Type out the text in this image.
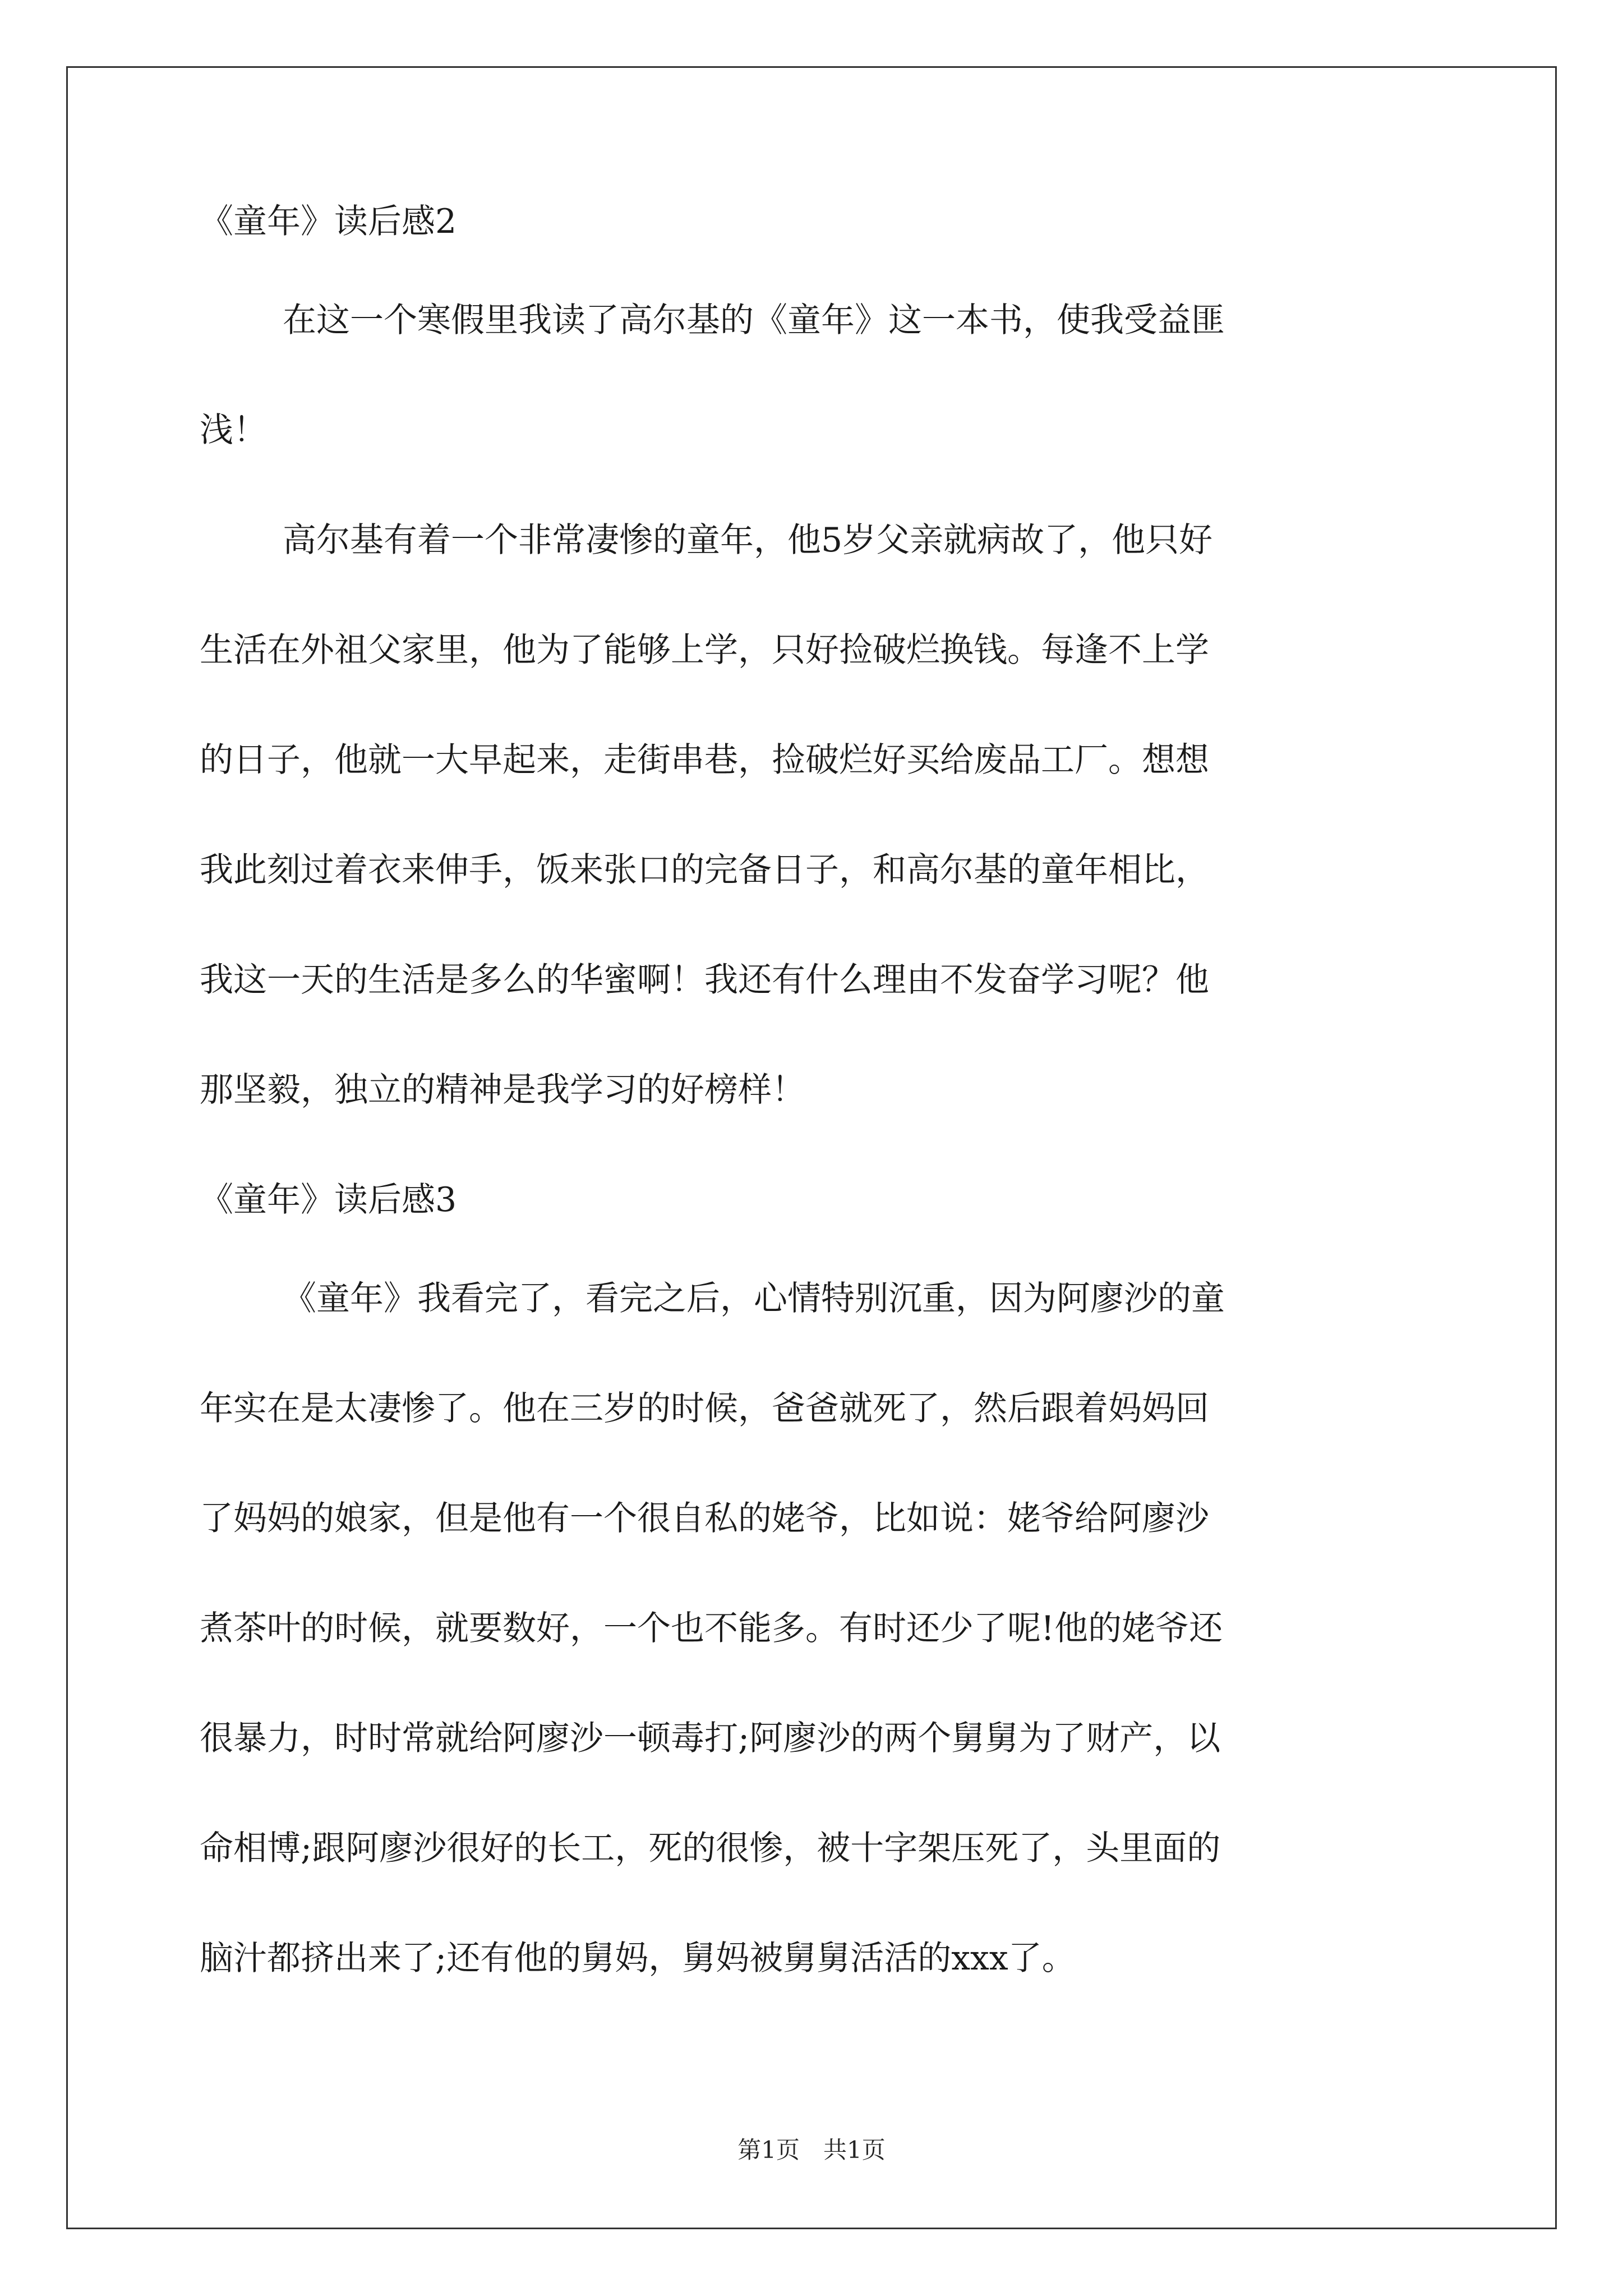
《童年》读后感2
在这一个寒假里我读了高尔基的《童年》这一本书，使我受益匪
浅！
高尔基有着一个非常凄惨的童年，他5岁父亲就病故了，他只好
生活在外祖父家里，他为了能够上学，只好捡破烂换钱。每逢不上学
的日子，他就一大早起来，走街串巷，捡破烂好买给废品工厂。想想
我此刻过着衣来伸手，饭来张口的完备日子，和高尔基的童年相比，
我这一天的生活是多么的华蜜啊！我还有什么理由不发奋学习呢？他
那坚毅，独立的精神是我学习的好榜样！
《童年》读后感3
《童年》我看完了，看完之后，心情特别沉重，因为阿廖沙的童
年实在是太凄惨了。他在三岁的时候，爸爸就死了，然后跟着妈妈回
了妈妈的娘家，但是他有一个很自私的姥爷，比如说：姥爷给阿廖沙
煮茶叶的时候，就要数好，一个也不能多。有时还少了呢!他的姥爷还
很暴力，时时常就给阿廖沙一顿毒打;阿廖沙的两个舅舅为了财产，以
命相博;跟阿廖沙很好的长工，死的很惨，被十字架压死了，头里面的
脑汁都挤出来了;还有他的舅妈，舅妈被舅舅活活的xxx了。
第1页　共1页
